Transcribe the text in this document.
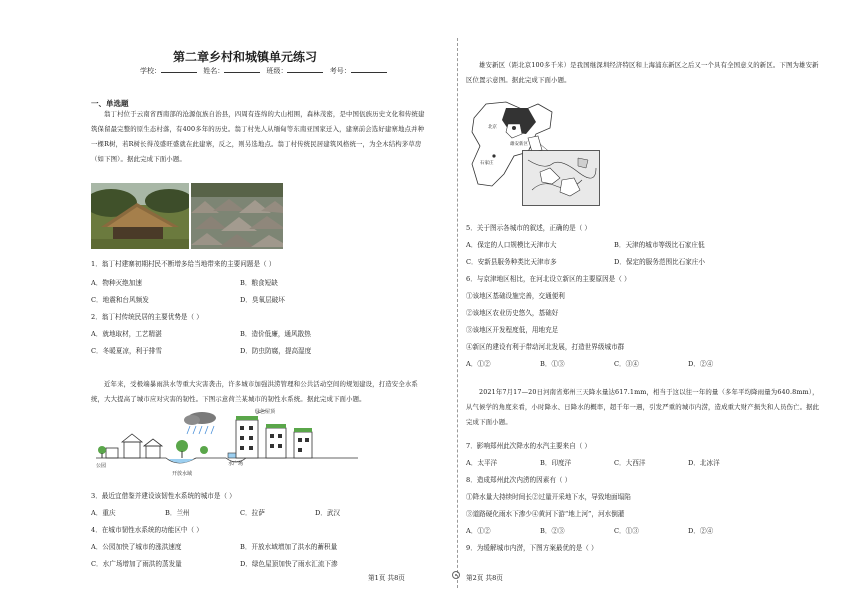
第二章乡村和城镇单元练习
学校：	姓名：	班级：	考号：
一、单选题
翁丁村位于云南省西南部的沧源佤族自治县，四周有连绵的大山相围，森林茂密，是中国佤族历史文化和传统建筑保留最完整的原生态村落，有400多年的历史。翁丁村先人从缅甸等东南亚国家迁入，建寨前会选好建寨地点并种一棵R树，若R树长得茂盛旺盛就在此建寨，反之，则另选地点。翁丁村传统民居建筑风格统一，为全木结构茅草房（如下图）。据此完成下面小题。
1．翁丁村建寨初期村民不断增多给当地带来的主要问题是（ ）
A．物种灭绝加速	B．粮食短缺
C．地震和台风频发	D．臭氧层破坏
2．翁丁村传统民居的主要优势是（ ）
A．就地取材，工艺精湛	B．造价低廉，通风散热
C．冬暖夏凉，利于排雪	D．防虫防腐，提高湿度
近年来，受极端暴雨洪水等重大灾害袭击，许多城市加强洪涝管理和公共活动空间的规划建设，打造安全水系统，大大提高了城市应对灾害的韧性。下图示意荷兰某城市的韧性水系统。据此完成下面小题。
绿色屋顶
公园
开放水域
水广场
3．最近宜借鉴并建设该韧性水系统的城市是（ ）
A．重庆	B．兰州	C．拉萨	D．武汉
4．在城市韧性水系统的功能区中（ ）
A．公园加快了城市的涨洪速度	B．开放水域增加了洪水的蓄积量
C．水广场增加了雨洪的蒸发量	D．绿色屋顶加快了雨水汇流下渗
第1页 共8页
雄安新区（距北京100多千米）是我国继深圳经济特区和上海浦东新区之后又一个具有全国意义的新区。下图为雄安新区位置示意图。据此完成下面小题。
北京
雄安新区
石家庄
5．关于图示各城市的叙述，正确的是（ ）
A．保定的人口规模比天津市大	B．天津的城市等级比石家庄低
C．安新县服务种类比天津市多	D．保定的服务范围比石家庄小
6．与京津地区相比，在河北设立新区的主要原因是（ ）
①该地区基础设施完善，交通便利
②该地区农业历史悠久，基础好
③该地区开发程度低，用地充足
④新区的建设有利于带动河北发展，打造世界级城市群
A．①②	B．①③	C．③④	D．②④
2021年7月17—20日河南省郑州三天降水量达617.1mm，相当于这以往一年的量（多年平均降雨量为640.8mm），从气候学的角度来看，小时降水、日降水的概率，超千年一遇，引发严重的城市内涝，造成重大财产损失和人员伤亡。据此完成下面小题。
7．影响郑州此次降水的水汽主要来自（ ）
A．太平洋	B．印度洋	C．大西洋	D．北冰洋
8．造成郑州此次内涝的因素有（ ）
①降水量大持续时间长②过量开采地下水，导致地面塌陷
③道路硬化雨水下渗少④黄河下游“地上河”，河水倒灌
A．①②	B．②③	C．①③	D．②④
9．为缓解城市内涝，下图方案最优的是（ ）
第2页 共8页
